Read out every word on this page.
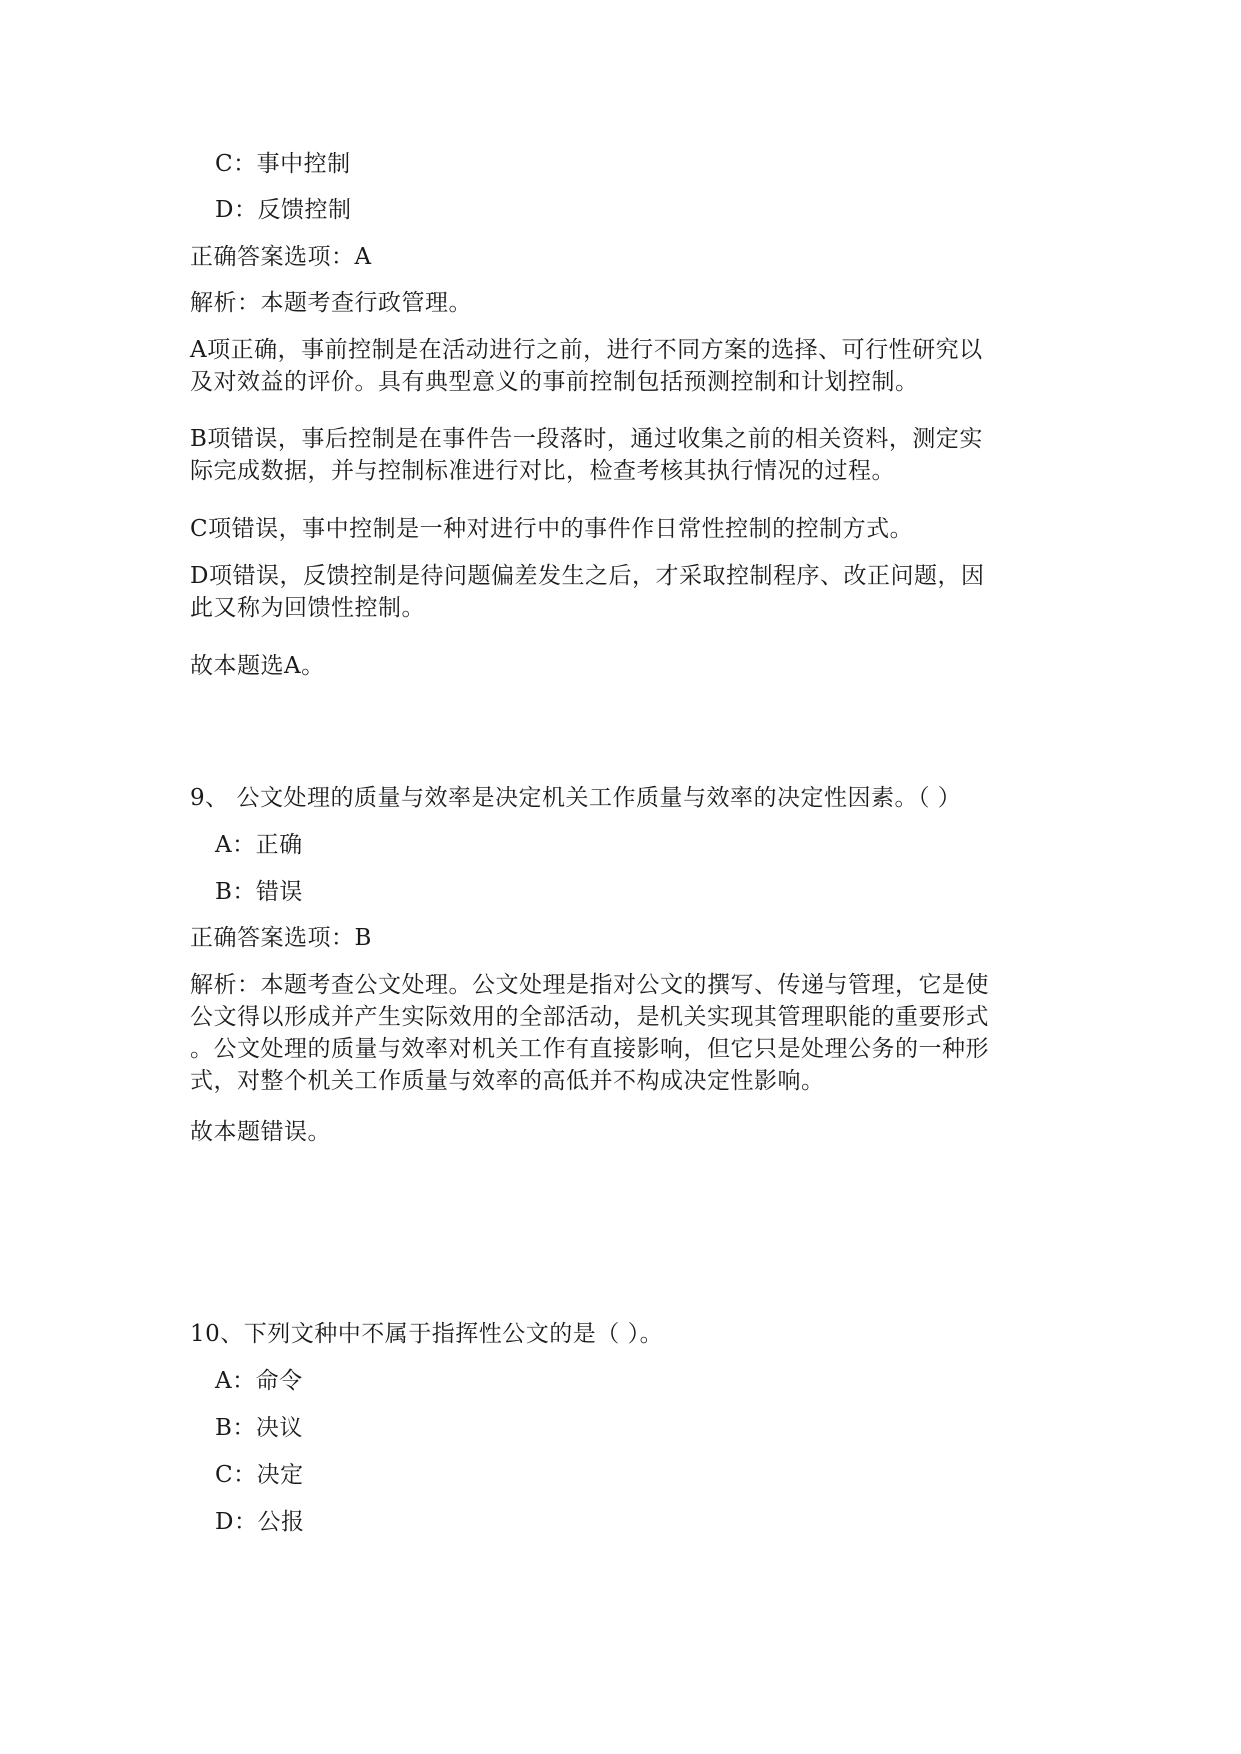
C：事中控制
D：反馈控制
正确答案选项：A
解析：本题考查行政管理。
A项正确，事前控制是在活动进行之前，进行不同方案的选择、可行性研究以
及对效益的评价。具有典型意义的事前控制包括预测控制和计划控制。
B项错误，事后控制是在事件告一段落时，通过收集之前的相关资料，测定实
际完成数据，并与控制标准进行对比，检查考核其执行情况的过程。
C项错误，事中控制是一种对进行中的事件作日常性控制的控制方式。
D项错误，反馈控制是待问题偏差发生之后，才采取控制程序、改正问题，因
此又称为回馈性控制。
故本题选A。
9、 公文处理的质量与效率是决定机关工作质量与效率的决定性因素。（ ）
A：正确
B：错误
正确答案选项：B
解析：本题考查公文处理。公文处理是指对公文的撰写、传递与管理，它是使
公文得以形成并产生实际效用的全部活动，是机关实现其管理职能的重要形式
。公文处理的质量与效率对机关工作有直接影响，但它只是处理公务的一种形
式，对整个机关工作质量与效率的高低并不构成决定性影响。
故本题错误。
10、下列文种中不属于指挥性公文的是（ ）。
A：命令
B：决议
C：决定
D：公报
